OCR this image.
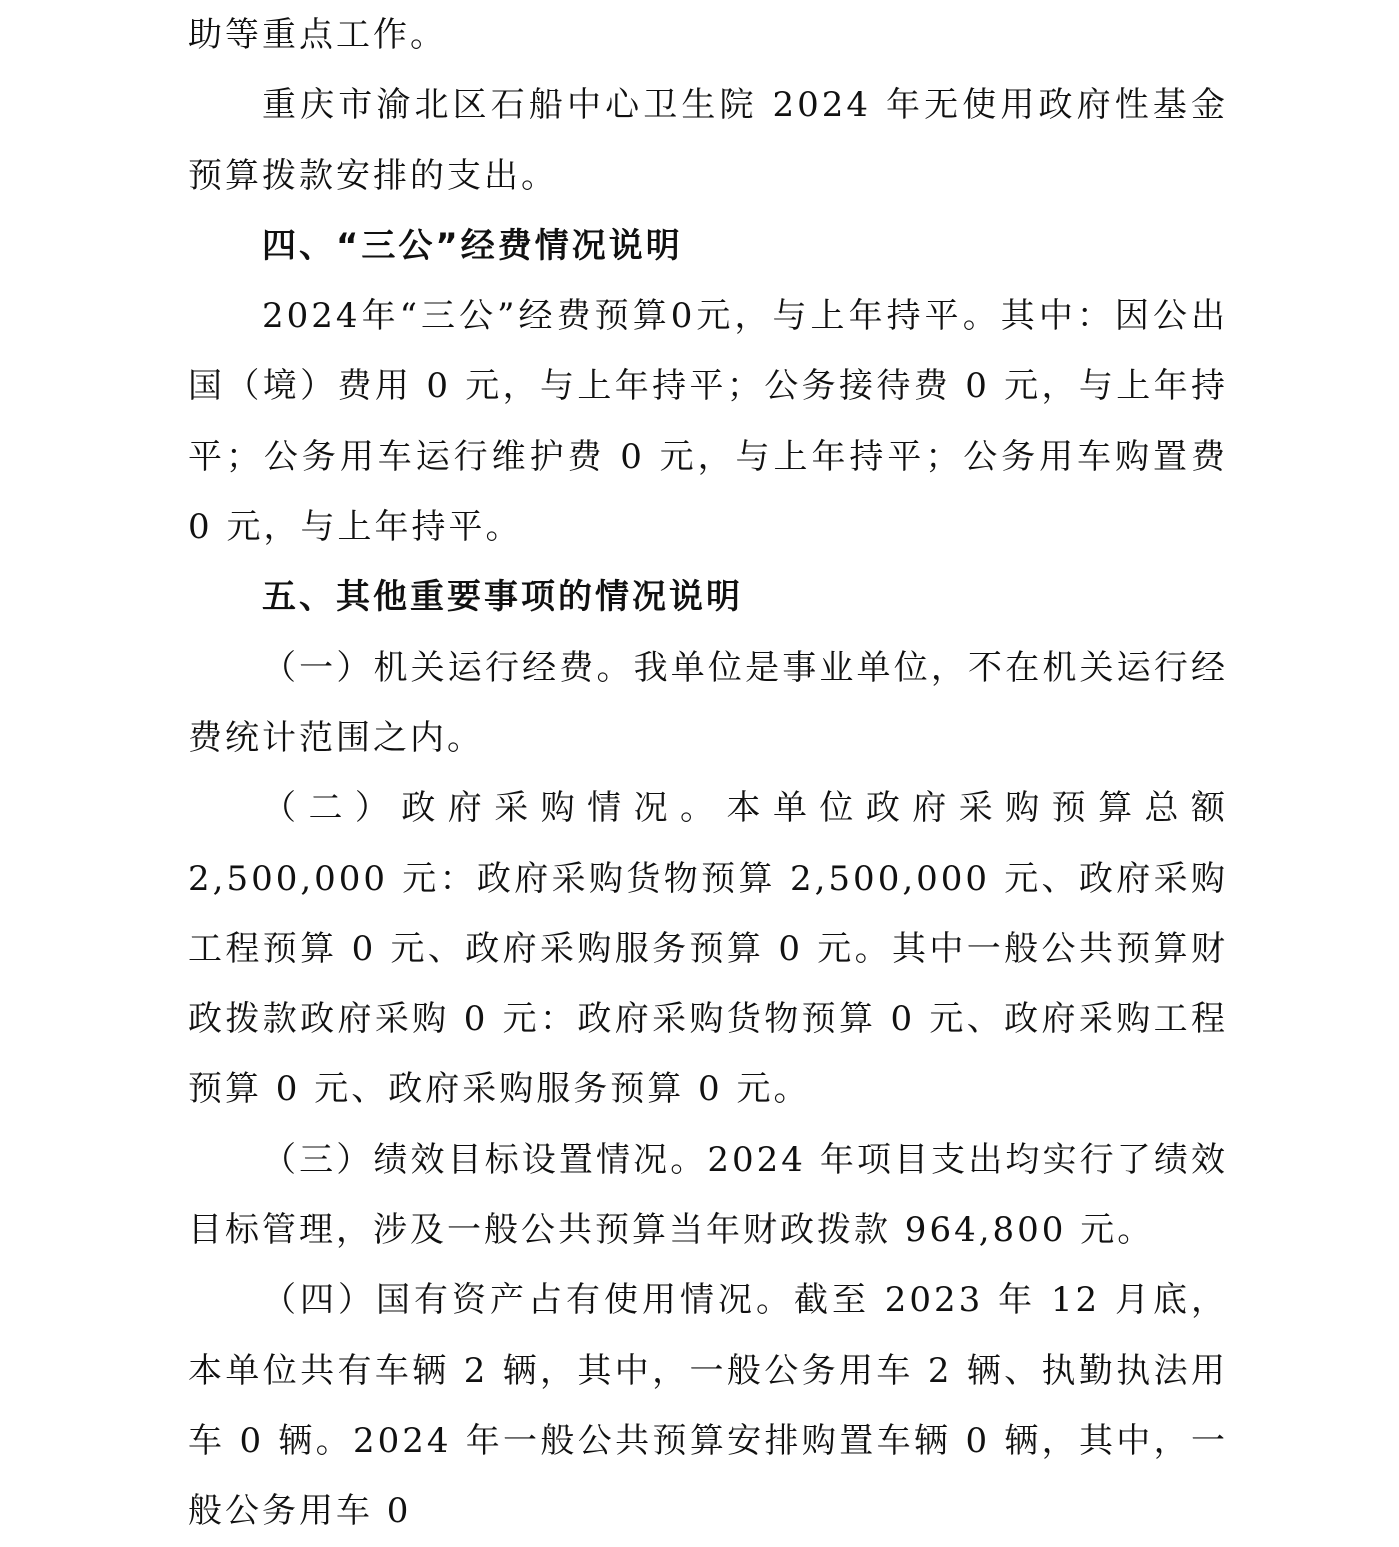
助等重点工作。

重庆市渝北区石船中心卫生院 2024 年无使用政府性基金预算拨款安排的支出。

四、“三公”经费情况说明

2024年“三公”经费预算0元，与上年持平。其中：因公出国（境）费用 0 元，与上年持平；公务接待费 0 元，与上年持平；公务用车运行维护费 0 元，与上年持平；公务用车购置费 0 元，与上年持平。

五、其他重要事项的情况说明

（一）机关运行经费。我单位是事业单位，不在机关运行经费统计范围之内。

（二）政府采购情况。本单位政府采购预算总额 2,500,000 元：政府采购货物预算 2,500,000 元、政府采购工程预算 0 元、政府采购服务预算 0 元。其中一般公共预算财政拨款政府采购 0 元：政府采购货物预算 0 元、政府采购工程预算 0 元、政府采购服务预算 0 元。

（三）绩效目标设置情况。2024 年项目支出均实行了绩效目标管理，涉及一般公共预算当年财政拨款 964,800 元。

（四）国有资产占有使用情况。截至 2023 年 12 月底，本单位共有车辆 2 辆，其中，一般公务用车 2 辆、执勤执法用车 0 辆。2024 年一般公共预算安排购置车辆 0 辆，其中，一般公务用车 0
